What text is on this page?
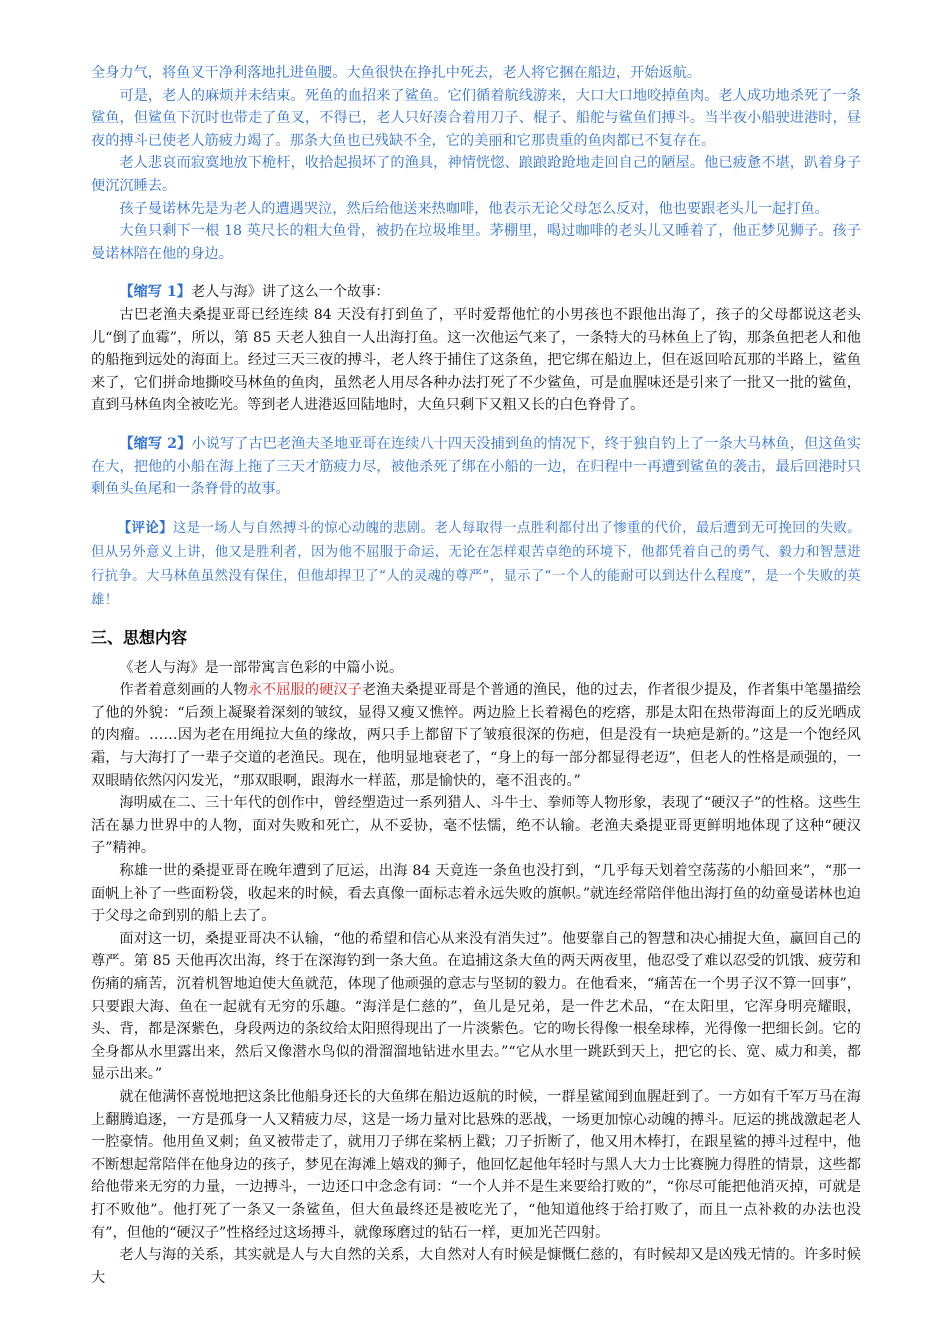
全身力气，将鱼叉干净利落地扎进鱼腰。大鱼很快在挣扎中死去，老人将它捆在船边，开始返航。

可是，老人的麻烦并未结束。死鱼的血招来了鲨鱼。它们循着航线游来，大口大口地咬掉鱼肉。老人成功地杀死了一条鲨鱼，但鲨鱼下沉时也带走了鱼叉，不得已，老人只好凑合着用刀子、棍子、船舵与鲨鱼们搏斗。当半夜小船驶进港时，昼夜的搏斗已使老人筋疲力竭了。那条大鱼也已残缺不全，它的美丽和它那贵重的鱼肉都已不复存在。

老人悲哀而寂寞地放下桅杆，收拾起损坏了的渔具，神情恍惚、踉踉跄跄地走回自己的陋屋。他已疲惫不堪，趴着身子便沉沉睡去。

孩子曼诺林先是为老人的遭遇哭泣，然后给他送来热咖啡，他表示无论父母怎么反对，他也要跟老头儿一起打鱼。

大鱼只剩下一根 18 英尺长的粗大鱼骨，被扔在垃圾堆里。茅棚里，喝过咖啡的老头儿又睡着了，他正梦见狮子。孩子曼诺林陪在他的身边。

【缩写 1】老人与海》讲了这么一个故事：

古巴老渔夫桑提亚哥已经连续 84 天没有打到鱼了，平时爱帮他忙的小男孩也不跟他出海了，孩子的父母都说这老头儿“倒了血霉”，所以，第 85 天老人独自一人出海打鱼。这一次他运气来了，一条特大的马林鱼上了钩，那条鱼把老人和他的船拖到远处的海面上。经过三天三夜的搏斗，老人终于捕住了这条鱼，把它绑在船边上，但在返回哈瓦那的半路上，鲨鱼来了，它们拼命地撕咬马林鱼的鱼肉，虽然老人用尽各种办法打死了不少鲨鱼，可是血腥味还是引来了一批又一批的鲨鱼，直到马林鱼肉全被吃光。等到老人进港返回陆地时，大鱼只剩下又粗又长的白色脊骨了。

【缩写 2】小说写了古巴老渔夫圣地亚哥在连续八十四天没捕到鱼的情况下，终于独自钓上了一条大马林鱼，但这鱼实在大，把他的小船在海上拖了三天才筋疲力尽，被他杀死了绑在小船的一边，在归程中一再遭到鲨鱼的袭击，最后回港时只剩鱼头鱼尾和一条脊骨的故事。

【评论】这是一场人与自然搏斗的惊心动魄的悲剧。老人每取得一点胜利都付出了惨重的代价，最后遭到无可挽回的失败。但从另外意义上讲，他又是胜利者，因为他不屈服于命运，无论在怎样艰苦卓绝的环境下，他都凭着自己的勇气、毅力和智慧进行抗争。大马林鱼虽然没有保住，但他却捍卫了“人的灵魂的尊严”，显示了“一个人的能耐可以到达什么程度”，是一个失败的英雄！

三、思想内容

《老人与海》是一部带寓言色彩的中篇小说。

作者着意刻画的人物永不屈服的硬汉子老渔夫桑提亚哥是个普通的渔民，他的过去，作者很少提及，作者集中笔墨描绘了他的外貌：“后颈上凝聚着深刻的皱纹，显得又瘦又憔悴。两边脸上长着褐色的疙瘩，那是太阳在热带海面上的反光晒成的肉瘤。……因为老在用绳拉大鱼的缘故，两只手上都留下了皱痕很深的伤疤，但是没有一块疤是新的。”这是一个饱经风霜，与大海打了一辈子交道的老渔民。现在，他明显地衰老了，“身上的每一部分都显得老迈”，但老人的性格是顽强的，一双眼睛依然闪闪发光，“那双眼啊，跟海水一样蓝，那是愉快的，毫不沮丧的。”

海明威在二、三十年代的创作中，曾经塑造过一系列猎人、斗牛士、拳师等人物形象，表现了“硬汉子”的性格。这些生活在暴力世界中的人物，面对失败和死亡，从不妥协，毫不怯懦，绝不认输。老渔夫桑提亚哥更鲜明地体现了这种“硬汉子”精神。

称雄一世的桑提亚哥在晚年遭到了厄运，出海 84 天竟连一条鱼也没打到，“几乎每天划着空荡荡的小船回来”，“那一面帆上补了一些面粉袋，收起来的时候，看去真像一面标志着永远失败的旗帜。”就连经常陪伴他出海打鱼的幼童曼诺林也迫于父母之命到别的船上去了。

面对这一切，桑提亚哥决不认输，“他的希望和信心从来没有消失过”。他要靠自己的智慧和决心捕捉大鱼，赢回自己的尊严。第 85 天他再次出海，终于在深海钓到一条大鱼。在追捕这条大鱼的两天两夜里，他忍受了难以忍受的饥饿、疲劳和伤痛的痛苦，沉着机智地迫使大鱼就范，体现了他顽强的意志与坚韧的毅力。在他看来，“痛苦在一个男子汉不算一回事”，只要跟大海、鱼在一起就有无穷的乐趣。“海洋是仁慈的”，鱼儿是兄弟，是一件艺术品，“在太阳里，它浑身明亮耀眼，头、背，都是深紫色，身段两边的条纹给太阳照得现出了一片淡紫色。它的吻长得像一根垒球棒，光得像一把细长剑。它的全身都从水里露出来，然后又像潜水鸟似的滑溜溜地钻进水里去。”“它从水里一跳跃到天上，把它的长、宽、威力和美，都显示出来。”

就在他满怀喜悦地把这条比他船身还长的大鱼绑在船边返航的时候，一群星鲨闻到血腥赶到了。一方如有千军万马在海上翻腾追逐，一方是孤身一人又精疲力尽，这是一场力量对比悬殊的恶战，一场更加惊心动魄的搏斗。厄运的挑战激起老人一腔豪情。他用鱼叉刺；鱼叉被带走了，就用刀子绑在桨柄上戳；刀子折断了，他又用木棒打，在跟星鲨的搏斗过程中，他不断想起常陪伴在他身边的孩子，梦见在海滩上嬉戏的狮子，他回忆起他年轻时与黑人大力士比赛腕力得胜的情景，这些都给他带来无穷的力量，一边搏斗，一边还口中念念有词：“一个人并不是生来要给打败的”，“你尽可能把他消灭掉，可就是打不败他”。他打死了一条又一条鲨鱼，但大鱼最终还是被吃光了，“他知道他终于给打败了，而且一点补救的办法也没有”，但他的“硬汉子”性格经过这场搏斗，就像琢磨过的钻石一样，更加光芒四射。

老人与海的关系，其实就是人与大自然的关系，大自然对人有时候是慷慨仁慈的，有时候却又是凶残无情的。许多时候大
